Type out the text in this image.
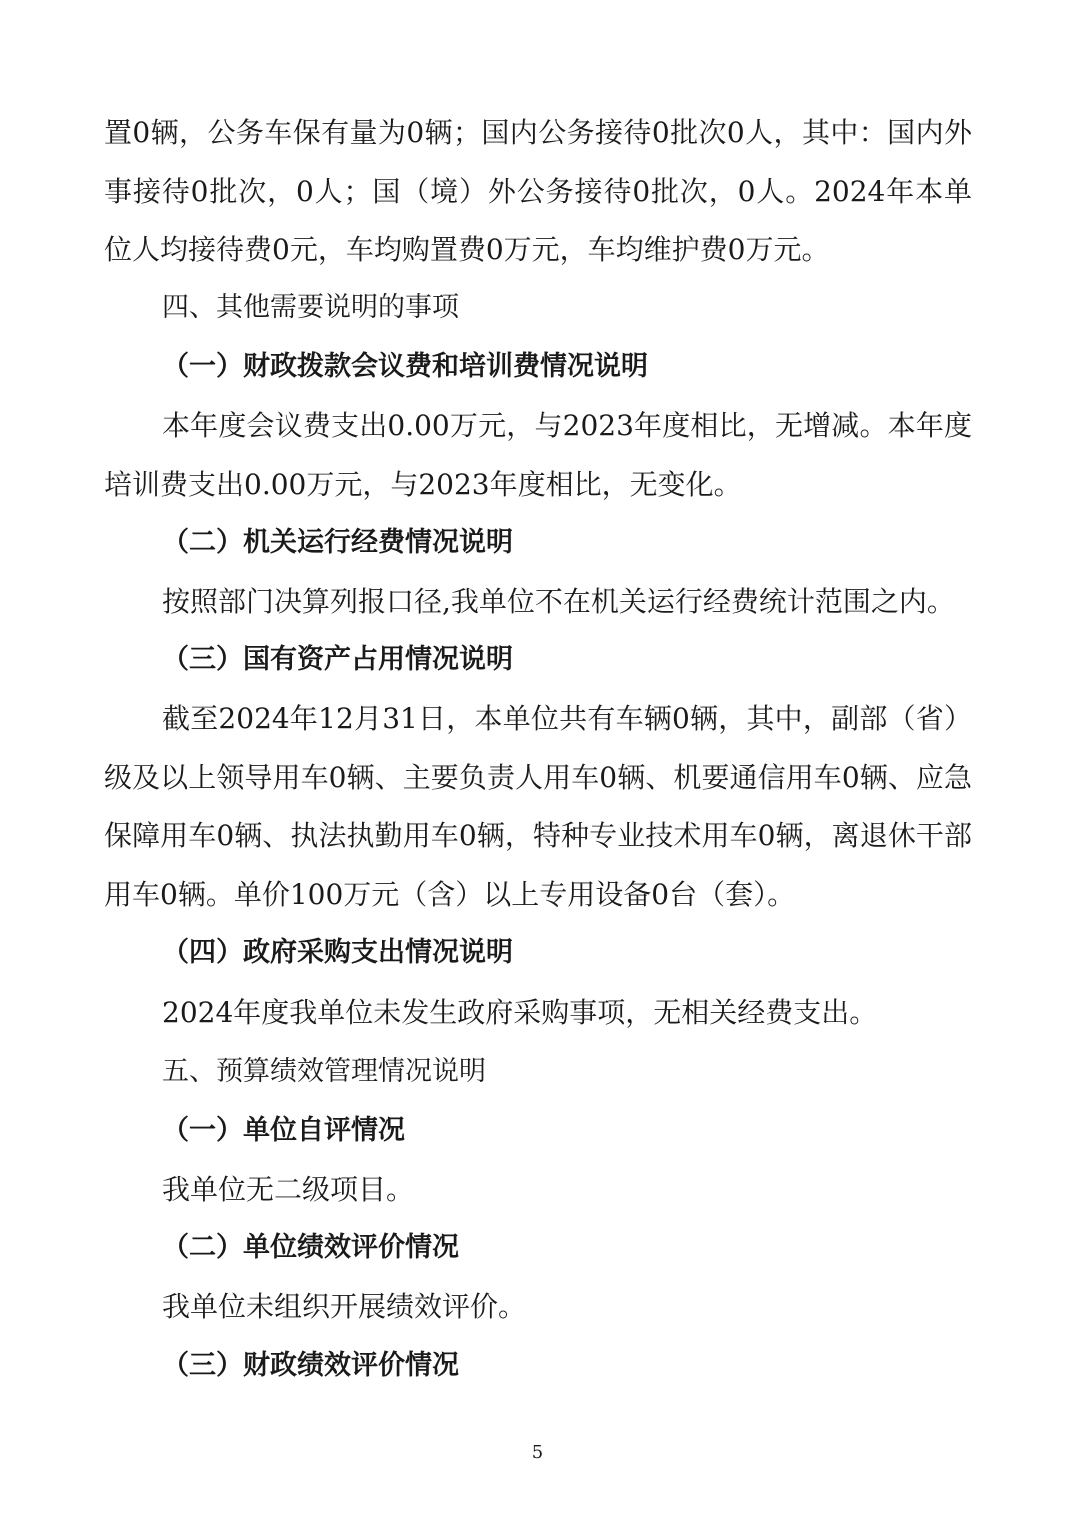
置0辆，公务车保有量为0辆；国内公务接待0批次0人，其中：国内外事接待0批次，0人；国（境）外公务接待0批次，0人。2024年本单位人均接待费0元，车均购置费0万元，车均维护费0万元。

四、其他需要说明的事项

（一）财政拨款会议费和培训费情况说明

本年度会议费支出0.00万元，与2023年度相比，无增减。本年度培训费支出0.00万元，与2023年度相比，无变化。

（二）机关运行经费情况说明

按照部门决算列报口径,我单位不在机关运行经费统计范围之内。

（三）国有资产占用情况说明

截至2024年12月31日，本单位共有车辆0辆，其中，副部（省）级及以上领导用车0辆、主要负责人用车0辆、机要通信用车0辆、应急保障用车0辆、执法执勤用车0辆，特种专业技术用车0辆，离退休干部用车0辆。单价100万元（含）以上专用设备0台（套）。

（四）政府采购支出情况说明

2024年度我单位未发生政府采购事项，无相关经费支出。

五、预算绩效管理情况说明

（一）单位自评情况

我单位无二级项目。

（二）单位绩效评价情况

我单位未组织开展绩效评价。

（三）财政绩效评价情况

5
